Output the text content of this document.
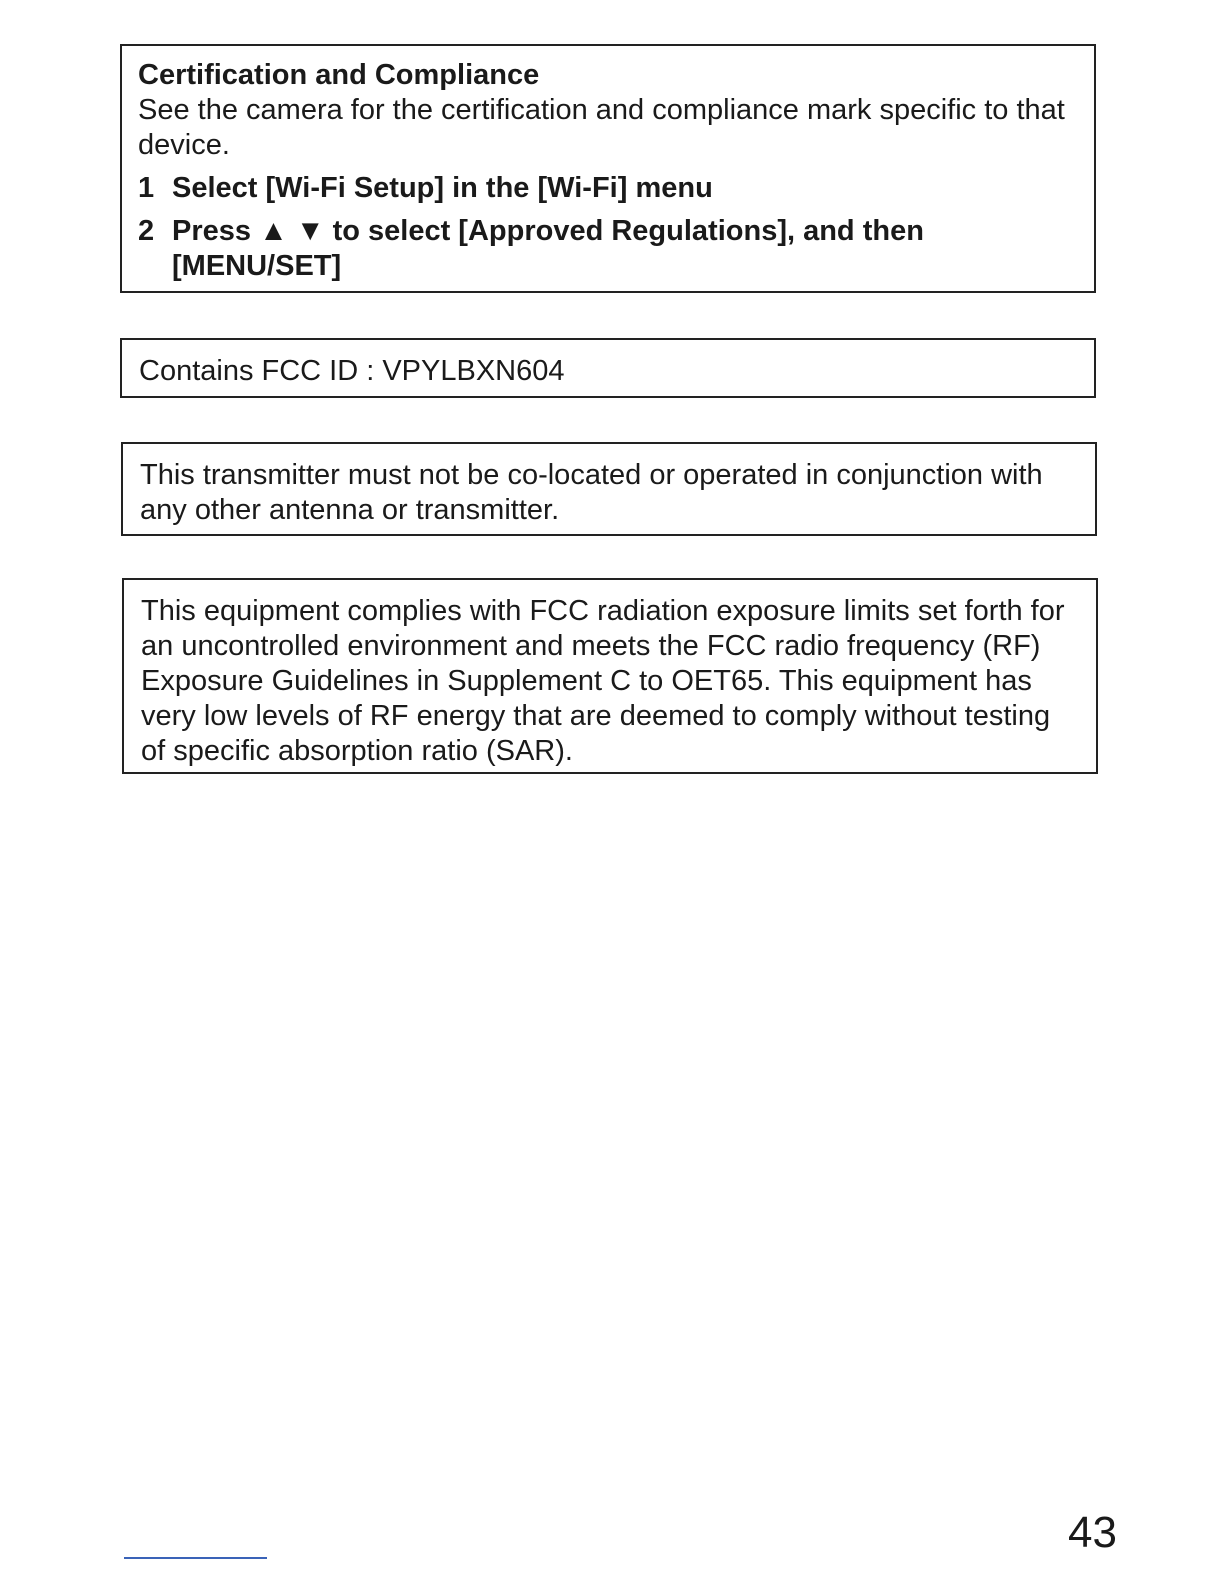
Certification and Compliance

See the camera for the certification and compliance mark specific to that device.

1 Select [Wi-Fi Setup] in the [Wi-Fi] menu
2 Press ▲ ▼ to select [Approved Regulations], and then [MENU/SET]

Contains FCC ID : VPYLBXN604

This transmitter must not be co-located or operated in conjunction with any other antenna or transmitter.

This equipment complies with FCC radiation exposure limits set forth for an uncontrolled environment and meets the FCC radio frequency (RF) Exposure Guidelines in Supplement C to OET65. This equipment has very low levels of RF energy that are deemed to comply without testing of specific absorption ratio (SAR).

43
